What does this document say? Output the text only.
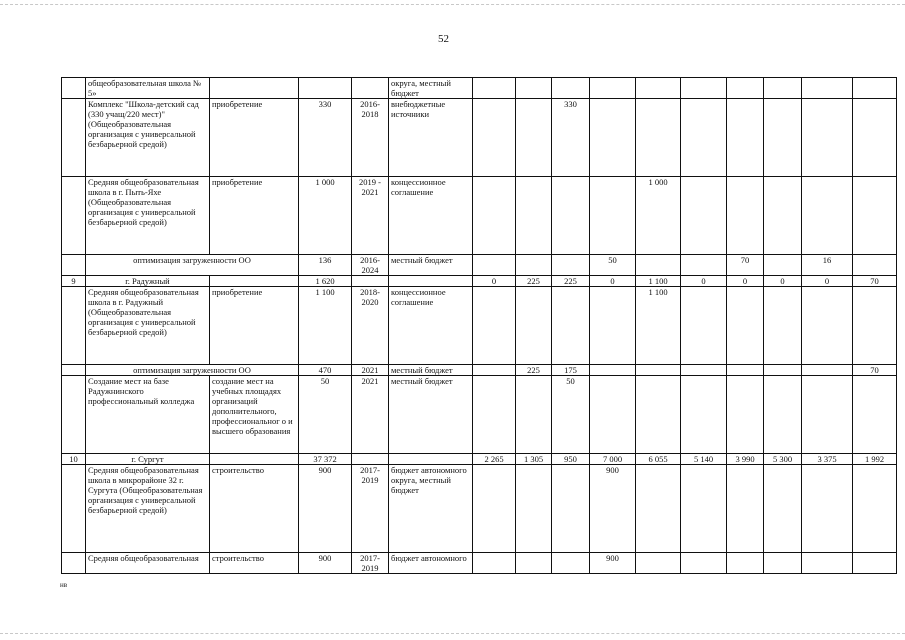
52
	общеобразовательная школа № 5»				округа, местный бюджет										
	Комплекс "Школа-детский сад (330 учащ/220 мест)" (Общеобразовательная организация с универсальной безбарьерной средой)	приобретение	330	2016-2018	внебюджетные источники			330							
	Средняя общеобразовательная школа в г. Пыть-Яхе (Общеобразовательная организация с универсальной безбарьерной средой)	приобретение	1 000	2019 - 2021	концессионное соглашение					1 000					
	оптимизация загруженности ОО		136	2016-2024	местный бюджет				50			70		16	
9	г. Радужный		1 620			0	225	225	0	1 100	0	0	0	0	70
	Средняя общеобразовательная школа в г. Радужный (Общеобразовательная организация с универсальной безбарьерной средой)	приобретение	1 100	2018-2020	концессионное соглашение					1 100					
	оптимизация загруженности ОО		470	2021	местный бюджет		225	175							70
	Создание мест на базе Радужнинского профессиональный колледжа	создание мест на учебных площадях организаций дополнительного, профессиональног о и высшего образования	50	2021	местный бюджет			50							
10	г. Сургут		37 372			2 265	1 305	950	7 000	6 055	5 140	3 990	5 300	3 375	1 992
	Средняя общеобразовательная школа в микрорайоне 32 г. Сургута (Общеобразовательная организация с универсальной безбарьерной средой)	строительство	900	2017-2019	бюджет автономного округа, местный бюджет				900						
	Средняя общеобразовательная	строительство	900	2017-2019	бюджет автономного				900						
нв
